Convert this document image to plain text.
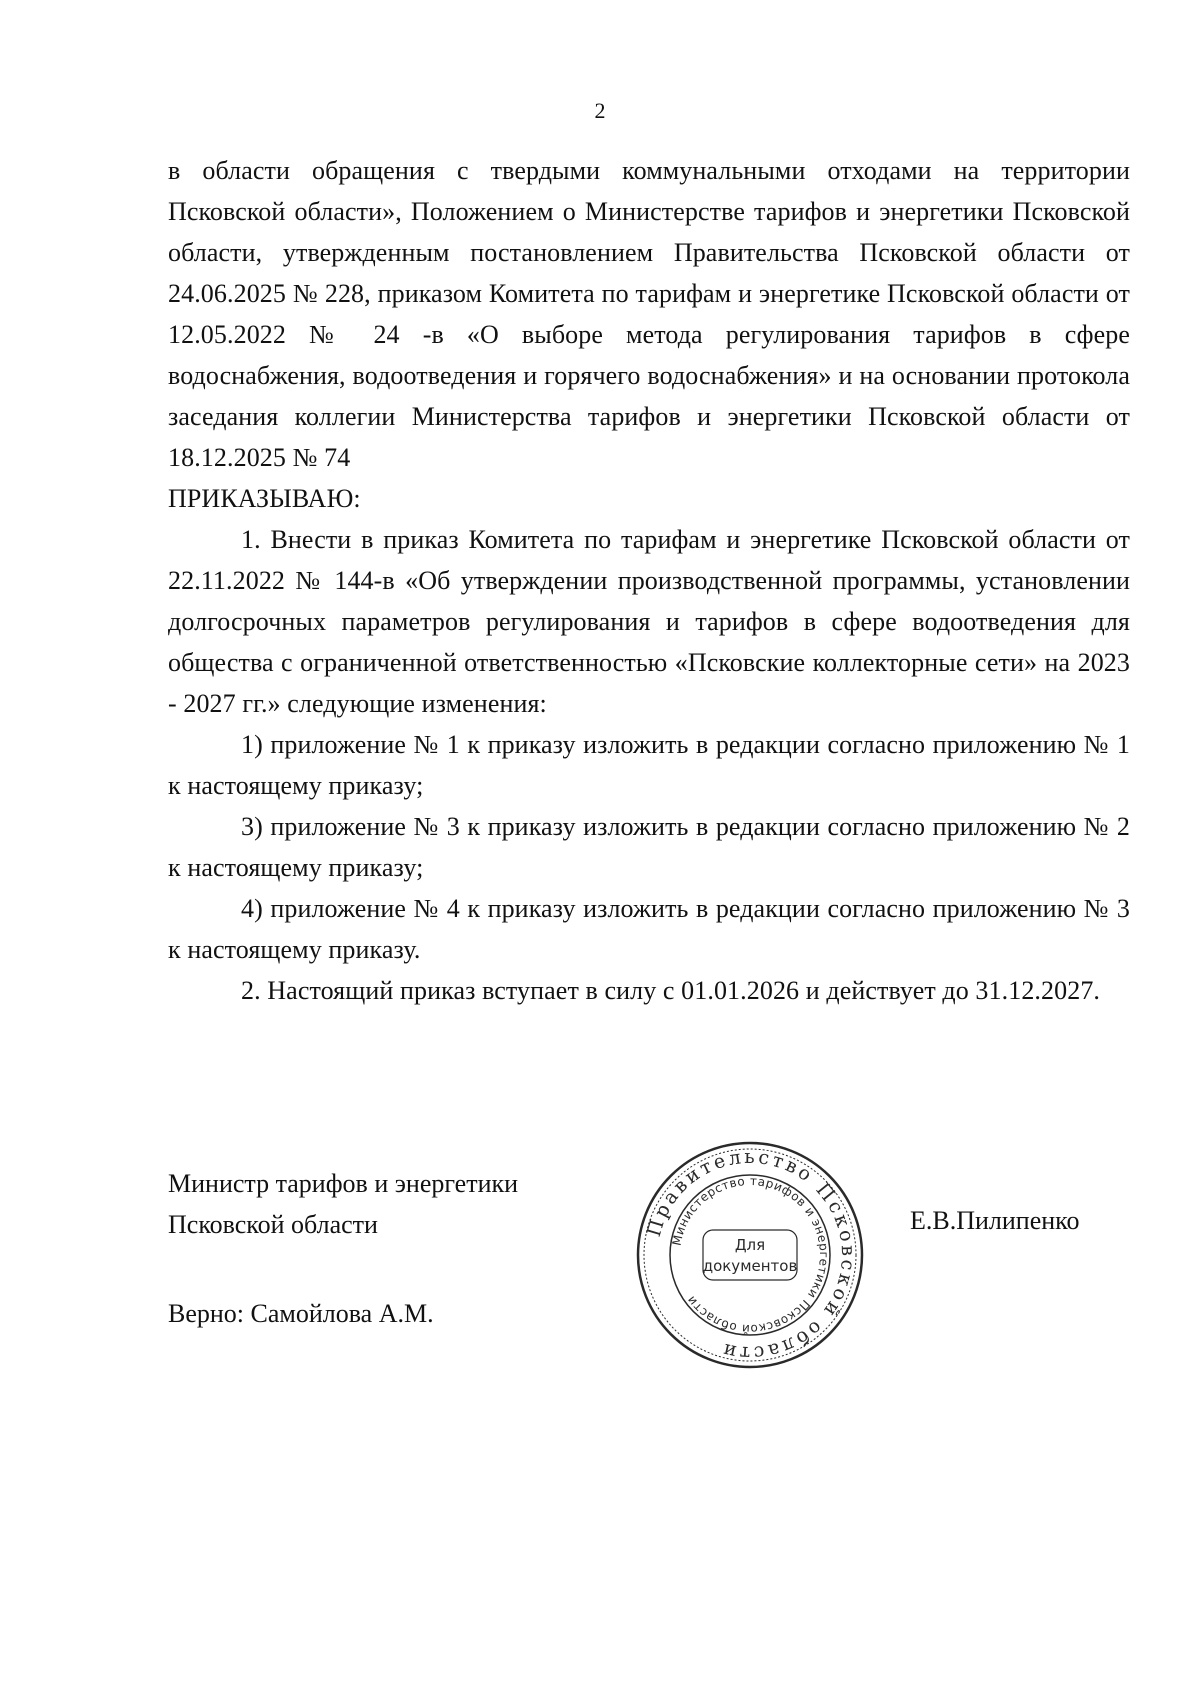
2

в области обращения с твердыми коммунальными отходами на территории Псковской области», Положением о Министерстве тарифов и энергетики Псковской области, утвержденным постановлением Правительства Псковской области от 24.06.2025 № 228, приказом Комитета по тарифам и энергетике Псковской области от 12.05.2022 № 24 -в «О выборе метода регулирования тарифов в сфере водоснабжения, водоотведения и горячего водоснабжения» и на основании протокола заседания коллегии Министерства тарифов и энергетики Псковской области от 18.12.2025 № 74

ПРИКАЗЫВАЮ:

1. Внести в приказ Комитета по тарифам и энергетике Псковской области от 22.11.2022 № 144-в «Об утверждении производственной программы, установлении долгосрочных параметров регулирования и тарифов в сфере водоотведения для общества с ограниченной ответственностью «Псковские коллекторные сети» на 2023 - 2027 гг.» следующие изменения:

1) приложение № 1 к приказу изложить в редакции согласно приложению № 1 к настоящему приказу;

3) приложение № 3 к приказу изложить в редакции согласно приложению № 2 к настоящему приказу;

4) приложение № 4 к приказу изложить в редакции согласно приложению № 3 к настоящему приказу.

2. Настоящий приказ вступает в силу с 01.01.2026 и действует до 31.12.2027.

Министр тарифов и энергетики
Псковской области	Е.В.Пилипенко
Верно: Самойлова А.М.
Правительство Псковской области
Министерство тарифов и энергетики Псковской области
Для
документов
